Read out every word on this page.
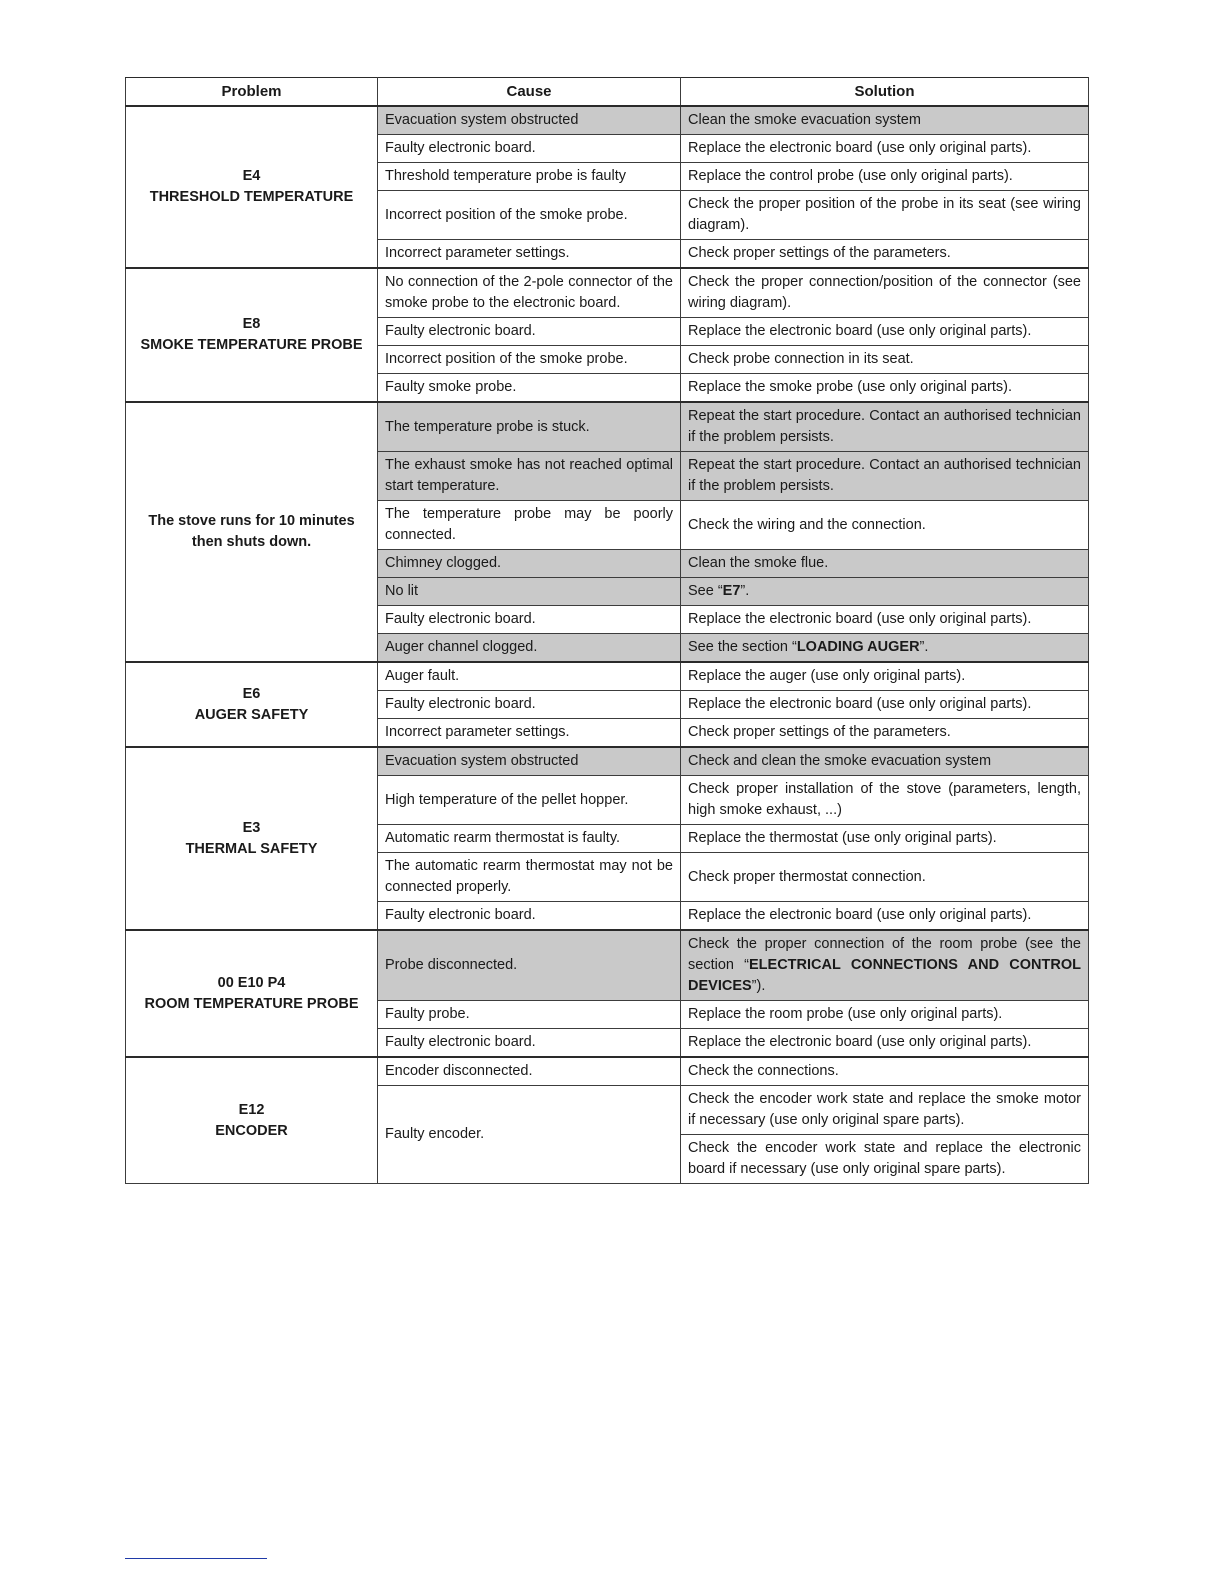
Problem	Cause	Solution

E4
THRESHOLD TEMPERATURE	Evacuation system obstructed	Clean the smoke evacuation system
	Faulty electronic board.	Replace the electronic board (use only original parts).
	Threshold temperature probe is faulty	Replace the control probe (use only original parts).
	Incorrect position of the smoke probe.	Check the proper position of the probe in its seat (see wiring diagram).
	Incorrect parameter settings.	Check proper settings of the parameters.

E8
SMOKE TEMPERATURE PROBE	No connection of the 2-pole connector of the smoke probe to the electronic board.	Check the proper connection/position of the connector (see wiring diagram).
	Faulty electronic board.	Replace the electronic board (use only original parts).
	Incorrect position of the smoke probe.	Check probe connection in its seat.
	Faulty smoke probe.	Replace the smoke probe (use only original parts).

The stove runs for 10 minutes
then shuts down.	The temperature probe is stuck.	Repeat the start procedure. Contact an authorised technician if the problem persists.
	The exhaust smoke has not reached optimal start temperature.	Repeat the start procedure. Contact an authorised technician if the problem persists.
	The temperature probe may be poorly connected.	Check the wiring and the connection.
	Chimney clogged.	Clean the smoke flue.
	No lit	See “E7”.
	Faulty electronic board.	Replace the electronic board (use only original parts).
	Auger channel clogged.	See the section “LOADING AUGER”.

E6
AUGER SAFETY	Auger fault.	Replace the auger (use only original parts).
	Faulty electronic board.	Replace the electronic board (use only original parts).
	Incorrect parameter settings.	Check proper settings of the parameters.

E3
THERMAL SAFETY	Evacuation system obstructed	Check and clean the smoke evacuation system
	High temperature of the pellet hopper.	Check proper installation of the stove (parameters, length, high smoke exhaust, ...)
	Automatic rearm thermostat is faulty.	Replace the thermostat (use only original parts).
	The automatic rearm thermostat may not be connected properly.	Check proper thermostat connection.
	Faulty electronic board.	Replace the electronic board (use only original parts).

00 E10 P4
ROOM TEMPERATURE PROBE	Probe disconnected.	Check the proper connection of the room probe (see the section “ELECTRICAL CONNECTIONS AND CONTROL DEVICES”).
	Faulty probe.	Replace the room probe (use only original parts).
	Faulty electronic board.	Replace the electronic board (use only original parts).

E12
ENCODER	Encoder disconnected.	Check the connections.
	Faulty encoder.	Check the encoder work state and replace the smoke motor if necessary (use only original spare parts).
		Check the encoder work state and replace the electronic board if necessary (use only original spare parts).
